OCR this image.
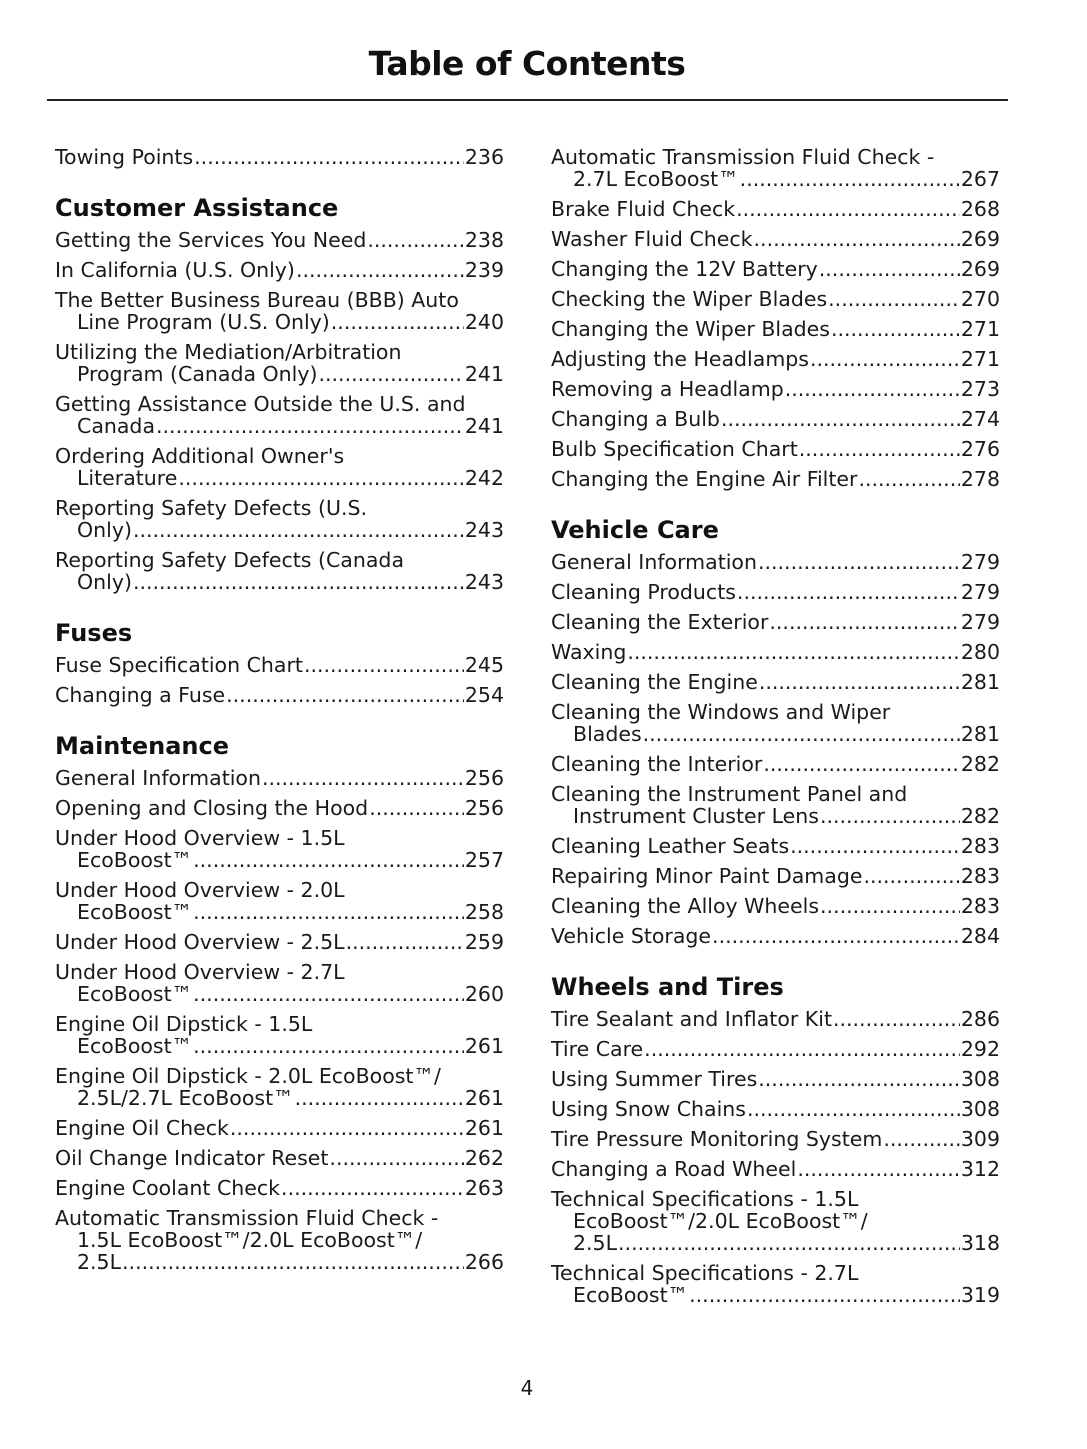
Table of Contents
Towing Points .....	236
Customer Assistance
Getting the Services You Need .....	238
In California (U.S. Only) .....	239
The Better Business Bureau (BBB) Auto
Line Program (U.S. Only) .....	240
Utilizing the Mediation/Arbitration
Program (Canada Only) .....	241
Getting Assistance Outside the U.S. and
Canada .....	241
Ordering Additional Owner's
Literature .....	242
Reporting Safety Defects (U.S.
Only) .....	243
Reporting Safety Defects (Canada
Only) .....	243
Fuses
Fuse Specification Chart .....	245
Changing a Fuse .....	254
Maintenance
General Information .....	256
Opening and Closing the Hood .....	256
Under Hood Overview - 1.5L
EcoBoost™ .....	257
Under Hood Overview - 2.0L
EcoBoost™ .....	258
Under Hood Overview - 2.5L .....	259
Under Hood Overview - 2.7L
EcoBoost™ .....	260
Engine Oil Dipstick - 1.5L
EcoBoost™ .....	261
Engine Oil Dipstick - 2.0L EcoBoost™/
2.5L/2.7L EcoBoost™ .....	261
Engine Oil Check .....	261
Oil Change Indicator Reset .....	262
Engine Coolant Check .....	263
Automatic Transmission Fluid Check -
1.5L EcoBoost™/2.0L EcoBoost™/
2.5L .....	266
Automatic Transmission Fluid Check -
2.7L EcoBoost™ .....	267
Brake Fluid Check .....	268
Washer Fluid Check .....	269
Changing the 12V Battery .....	269
Checking the Wiper Blades .....	270
Changing the Wiper Blades .....	271
Adjusting the Headlamps .....	271
Removing a Headlamp .....	273
Changing a Bulb .....	274
Bulb Specification Chart .....	276
Changing the Engine Air Filter .....	278
Vehicle Care
General Information .....	279
Cleaning Products .....	279
Cleaning the Exterior .....	279
Waxing .....	280
Cleaning the Engine .....	281
Cleaning the Windows and Wiper
Blades .....	281
Cleaning the Interior .....	282
Cleaning the Instrument Panel and
Instrument Cluster Lens .....	282
Cleaning Leather Seats .....	283
Repairing Minor Paint Damage .....	283
Cleaning the Alloy Wheels .....	283
Vehicle Storage .....	284
Wheels and Tires
Tire Sealant and Inflator Kit .....	286
Tire Care .....	292
Using Summer Tires .....	308
Using Snow Chains .....	308
Tire Pressure Monitoring System .....	309
Changing a Road Wheel .....	312
Technical Specifications - 1.5L
EcoBoost™/2.0L EcoBoost™/
2.5L .....	318
Technical Specifications - 2.7L
EcoBoost™ .....	319
4
